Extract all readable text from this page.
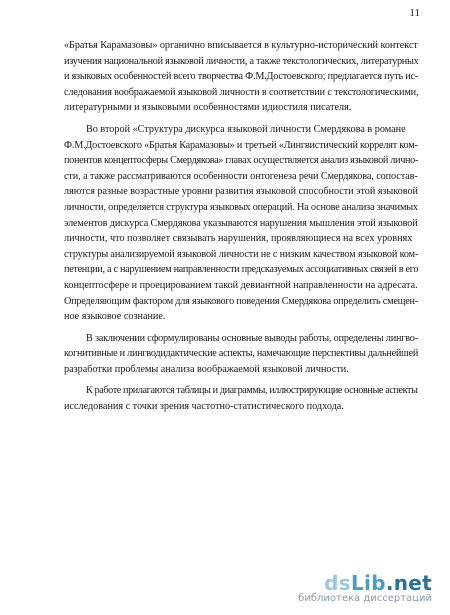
11
«Братья Карамазовы» органично вписывается в культурно-исторический контекст
изучения национальной языковой личности, а также текстологических, литературных
и языковых особенностей всего творчества Ф.М.Достоевского; предлагается путь ис-
следования воображаемой языковой личности в соответствии с текстологическими,
литературными и языковыми особенностями идиостиля писателя.
Во второй «Структура дискурса языковой личности Смердякова в романе
Ф.М.Достоевского «Братья Карамазовы» и третьей «Лингвистический коррелят ком-
понентов концептосферы Смердякова» главах осуществляется анализ языковой лично-
сти, а также рассматриваются особенности онтогенеза речи Смердякова, сопостав-
ляются разные возрастные уровни развития языковой способности этой языковой
личности, определяется структура языковых операций. На основе анализа значимых
элементов дискурса Смердякова указываются нарушения мышления этой языковой
личности, что позволяет связывать нарушения, проявляющиеся на всех уровнях
структуры анализируемой языковой личности не с низким качеством языковой ком-
петенции, а с нарушением направленности предсказуемых ассоциативных связей в его
концептосфере и проецированием такой девиантной направленности на адресата.
Определяющим фактором для языкового поведения Смердякова определить смещен-
ное языковое сознание.
В заключении сформулированы основные выводы работы, определены лингво-
когнитивные и лингводидактические аспекты, намечающие перспективы дальнейшей
разработки проблемы анализа воображаемой языковой личности.
К работе прилагаются таблицы и диаграммы, иллюстрирующие основные аспекты
исследования с точки зрения частотно-статистического подхода.
dsLib.net
библиотека диссертаций
